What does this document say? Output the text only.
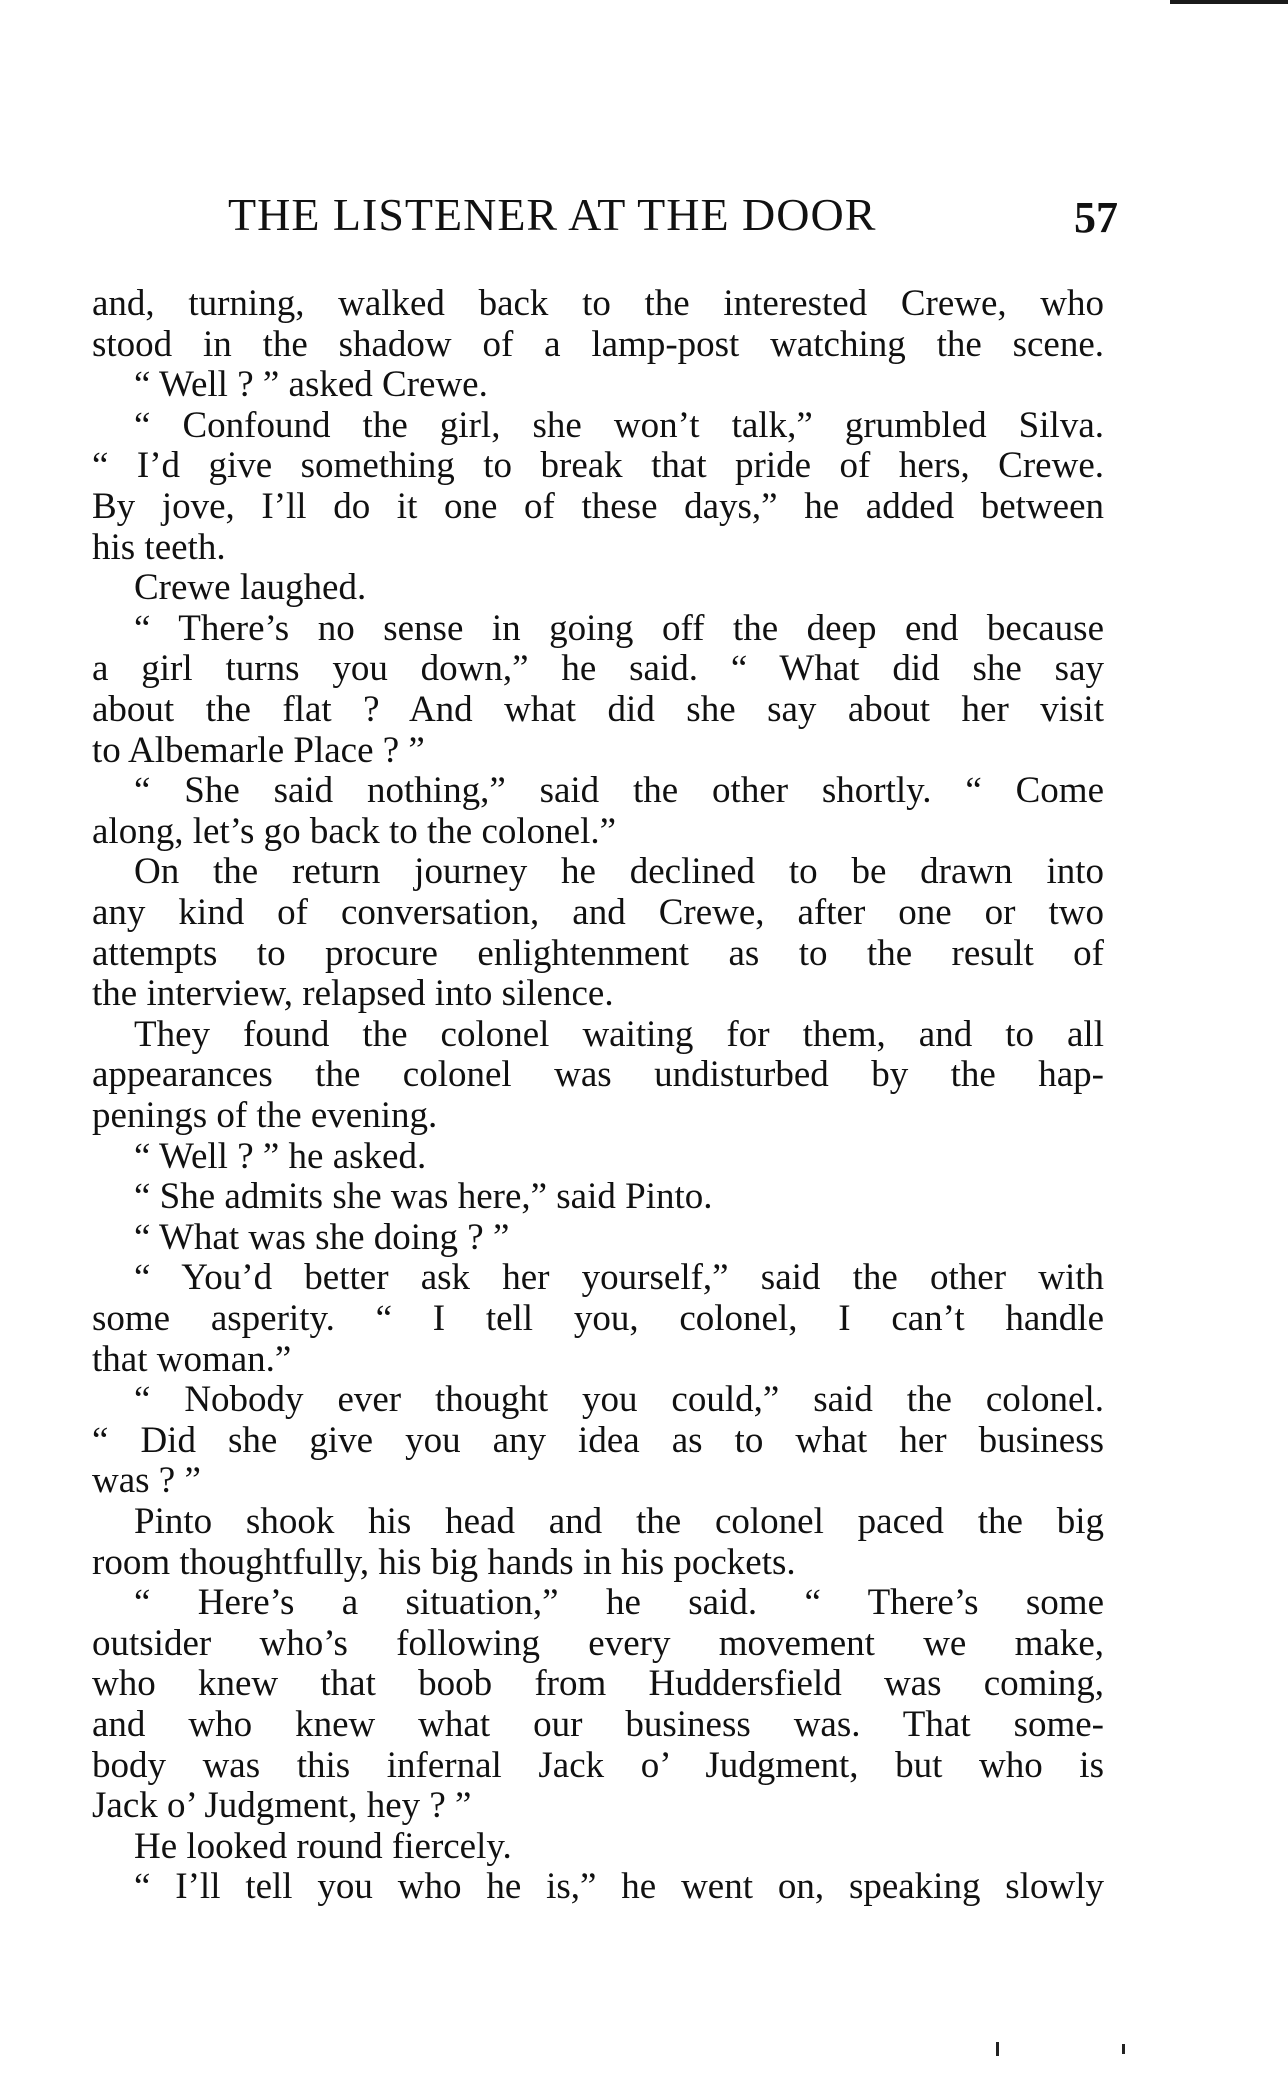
THE LISTENER AT THE DOOR	57
and, turning, walked back to the interested Crewe, who
stood in the shadow of a lamp-post watching the scene.
“ Well ? ” asked Crewe.
“ Confound the girl, she won’t talk,” grumbled Silva.
“ I’d give something to break that pride of hers, Crewe.
By jove, I’ll do it one of these days,” he added between
his teeth.
Crewe laughed.
“ There’s no sense in going off the deep end because
a girl turns you down,” he said. “ What did she say
about the flat ? And what did she say about her visit
to Albemarle Place ? ”
“ She said nothing,” said the other shortly. “ Come
along, let’s go back to the colonel.”
On the return journey he declined to be drawn into
any kind of conversation, and Crewe, after one or two
attempts to procure enlightenment as to the result of
the interview, relapsed into silence.
They found the colonel waiting for them, and to all
appearances the colonel was undisturbed by the hap-
penings of the evening.
“ Well ? ” he asked.
“ She admits she was here,” said Pinto.
“ What was she doing ? ”
“ You’d better ask her yourself,” said the other with
some asperity. “ I tell you, colonel, I can’t handle
that woman.”
“ Nobody ever thought you could,” said the colonel.
“ Did she give you any idea as to what her business
was ? ”
Pinto shook his head and the colonel paced the big
room thoughtfully, his big hands in his pockets.
“ Here’s a situation,” he said. “ There’s some
outsider who’s following every movement we make,
who knew that boob from Huddersfield was coming,
and who knew what our business was. That some-
body was this infernal Jack o’ Judgment, but who is
Jack o’ Judgment, hey ? ”
He looked round fiercely.
“ I’ll tell you who he is,” he went on, speaking slowly
